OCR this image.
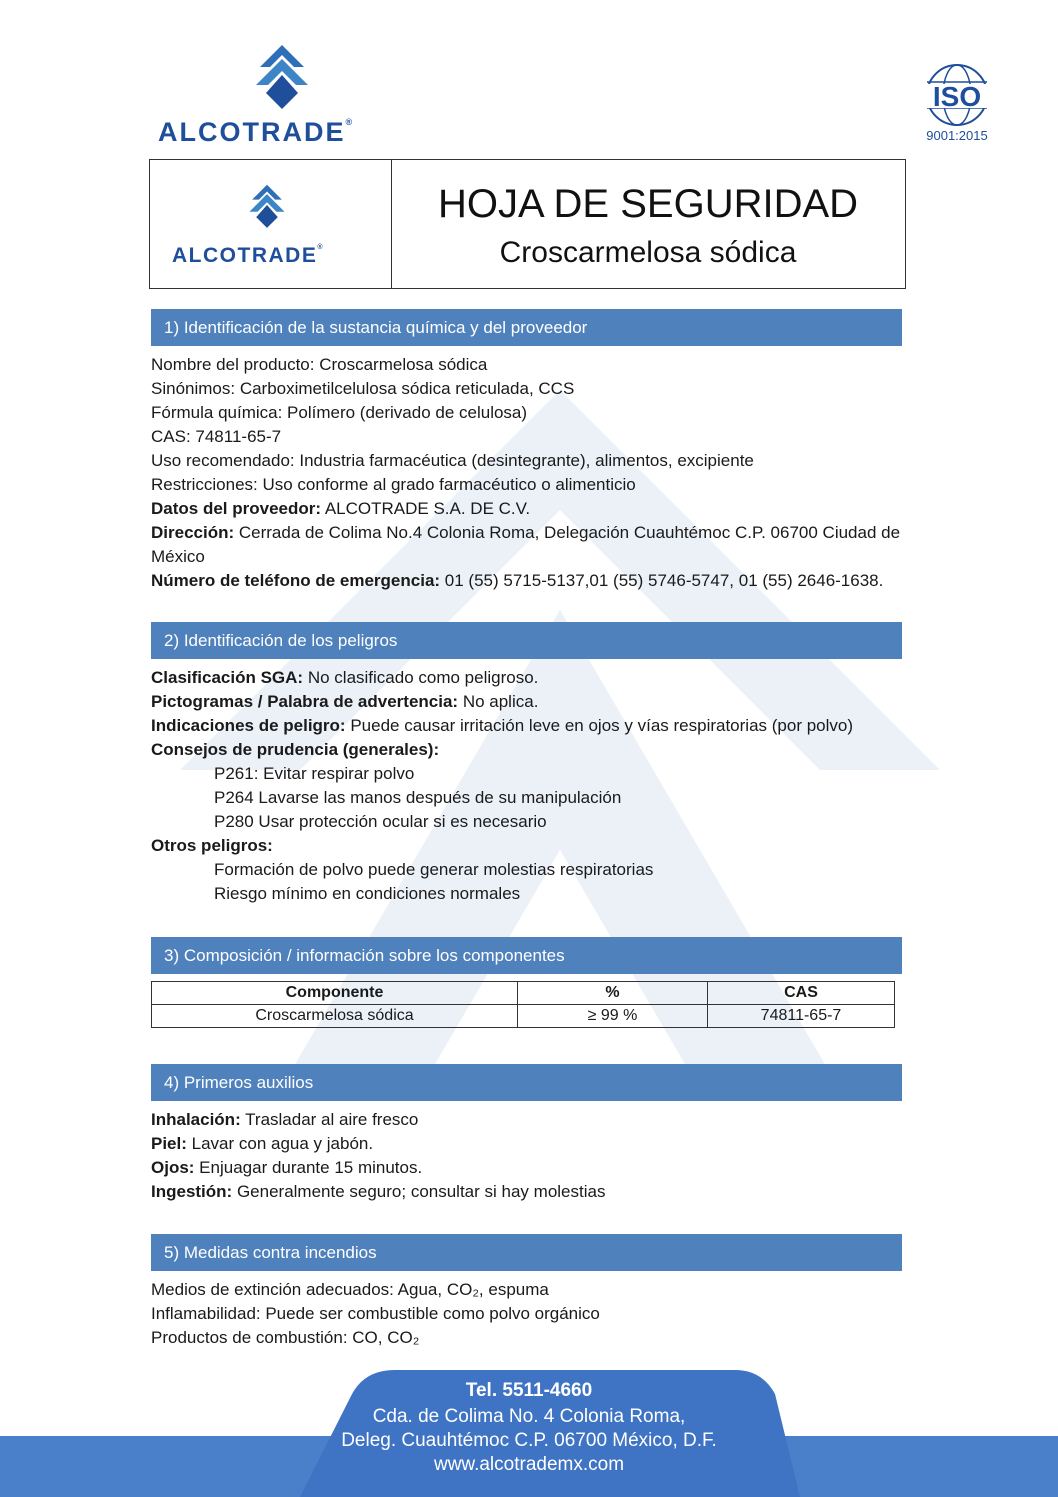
ALCOTRADE®
ISO
9001:2015
ALCOTRADE®
HOJA DE SEGURIDAD
Croscarmelosa sódica
1) Identificación de la sustancia química y del proveedor
Nombre del producto: Croscarmelosa sódica
Sinónimos: Carboximetilcelulosa sódica reticulada, CCS
Fórmula química: Polímero (derivado de celulosa)
CAS: 74811-65-7
Uso recomendado: Industria farmacéutica (desintegrante), alimentos, excipiente
Restricciones: Uso conforme al grado farmacéutico o alimenticio
Datos del proveedor: ALCOTRADE S.A. DE C.V.
Dirección: Cerrada de Colima No.4 Colonia Roma, Delegación Cuauhtémoc C.P. 06700 Ciudad de
México
Número de teléfono de emergencia: 01 (55) 5715-5137,01 (55) 5746-5747, 01 (55) 2646-1638.
2) Identificación de los peligros
Clasificación SGA: No clasificado como peligroso.
Pictogramas / Palabra de advertencia: No aplica.
Indicaciones de peligro: Puede causar irritación leve en ojos y vías respiratorias (por polvo)
Consejos de prudencia (generales):
P261: Evitar respirar polvo
P264 Lavarse las manos después de su manipulación
P280 Usar protección ocular si es necesario
Otros peligros:
Formación de polvo puede generar molestias respiratorias
Riesgo mínimo en condiciones normales
3) Composición / información sobre los componentes
Componente	%	CAS
Croscarmelosa sódica	≥ 99 %	74811-65-7
4) Primeros auxilios
Inhalación: Trasladar al aire fresco
Piel: Lavar con agua y jabón.
Ojos: Enjuagar durante 15 minutos.
Ingestión: Generalmente seguro; consultar si hay molestias
5) Medidas contra incendios
Medios de extinción adecuados: Agua, CO₂, espuma
Inflamabilidad: Puede ser combustible como polvo orgánico
Productos de combustión: CO, CO₂
Tel. 5511-4660
Cda. de Colima No. 4 Colonia Roma,
Deleg. Cuauhtémoc C.P. 06700 México, D.F.
www.alcotrademx.com
